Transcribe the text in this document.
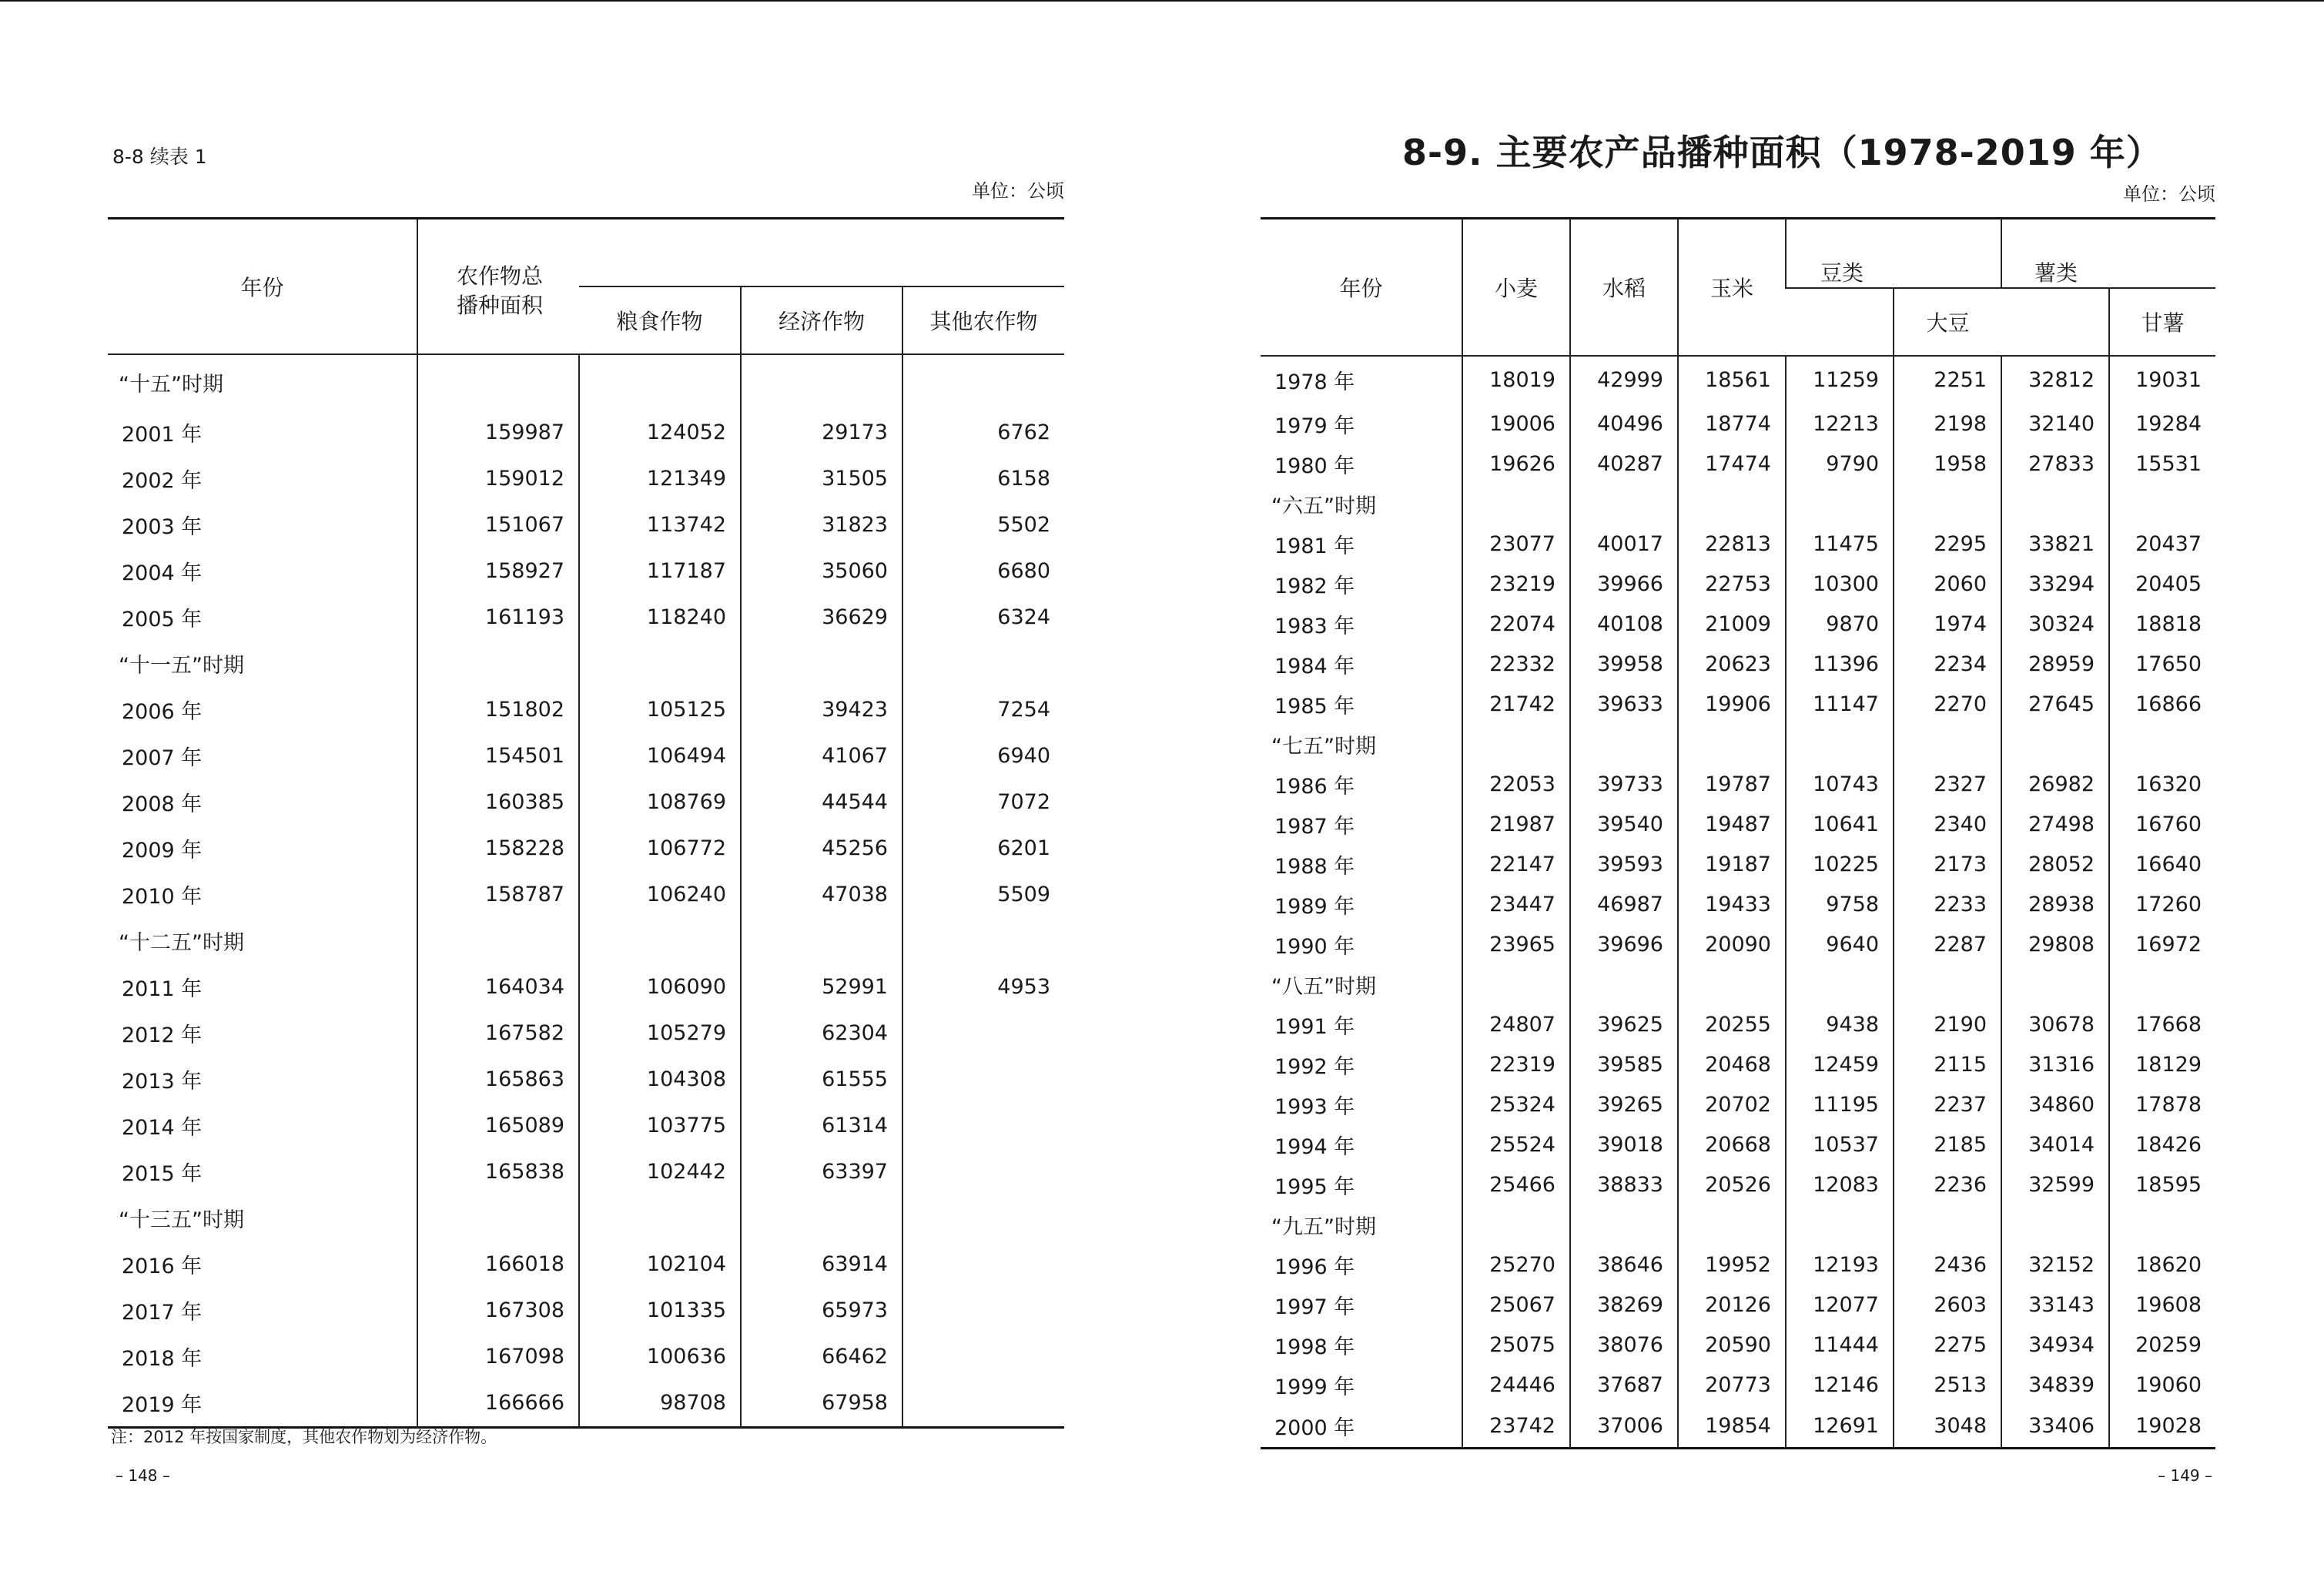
8-8 续表 1
单位：公顷
年份	农作物总播种面积			

		粮食作物	经济作物	其他农作物
“十五”时期				
2001 年	159987	124052	29173	6762
2002 年	159012	121349	31505	6158
2003 年	151067	113742	31823	5502
2004 年	158927	117187	35060	6680
2005 年	161193	118240	36629	6324
“十一五”时期				
2006 年	151802	105125	39423	7254
2007 年	154501	106494	41067	6940
2008 年	160385	108769	44544	7072
2009 年	158228	106772	45256	6201
2010 年	158787	106240	47038	5509
“十二五”时期				
2011 年	164034	106090	52991	4953
2012 年	167582	105279	62304	
2013 年	165863	104308	61555	
2014 年	165089	103775	61314	
2015 年	165838	102442	63397	
“十三五”时期				
2016 年	166018	102104	63914	
2017 年	167308	101335	65973	
2018 年	167098	100636	66462	
2019 年	166666	98708	67958	
注：2012 年按国家制度，其他农作物划为经济作物。
– 148 –
8-9. 主要农产品播种面积（1978-2019 年）
单位：公顷
年份	小麦	水稻	玉米	豆类		薯类	
					大豆		甘薯
1978 年	18019	42999	18561	11259	2251	32812	19031
1979 年	19006	40496	18774	12213	2198	32140	19284
1980 年	19626	40287	17474	9790	1958	27833	15531
“六五”时期							
1981 年	23077	40017	22813	11475	2295	33821	20437
1982 年	23219	39966	22753	10300	2060	33294	20405
1983 年	22074	40108	21009	9870	1974	30324	18818
1984 年	22332	39958	20623	11396	2234	28959	17650
1985 年	21742	39633	19906	11147	2270	27645	16866
“七五”时期							
1986 年	22053	39733	19787	10743	2327	26982	16320
1987 年	21987	39540	19487	10641	2340	27498	16760
1988 年	22147	39593	19187	10225	2173	28052	16640
1989 年	23447	46987	19433	9758	2233	28938	17260
1990 年	23965	39696	20090	9640	2287	29808	16972
“八五”时期							
1991 年	24807	39625	20255	9438	2190	30678	17668
1992 年	22319	39585	20468	12459	2115	31316	18129
1993 年	25324	39265	20702	11195	2237	34860	17878
1994 年	25524	39018	20668	10537	2185	34014	18426
1995 年	25466	38833	20526	12083	2236	32599	18595
“九五”时期							
1996 年	25270	38646	19952	12193	2436	32152	18620
1997 年	25067	38269	20126	12077	2603	33143	19608
1998 年	25075	38076	20590	11444	2275	34934	20259
1999 年	24446	37687	20773	12146	2513	34839	19060
2000 年	23742	37006	19854	12691	3048	33406	19028
– 149 –
